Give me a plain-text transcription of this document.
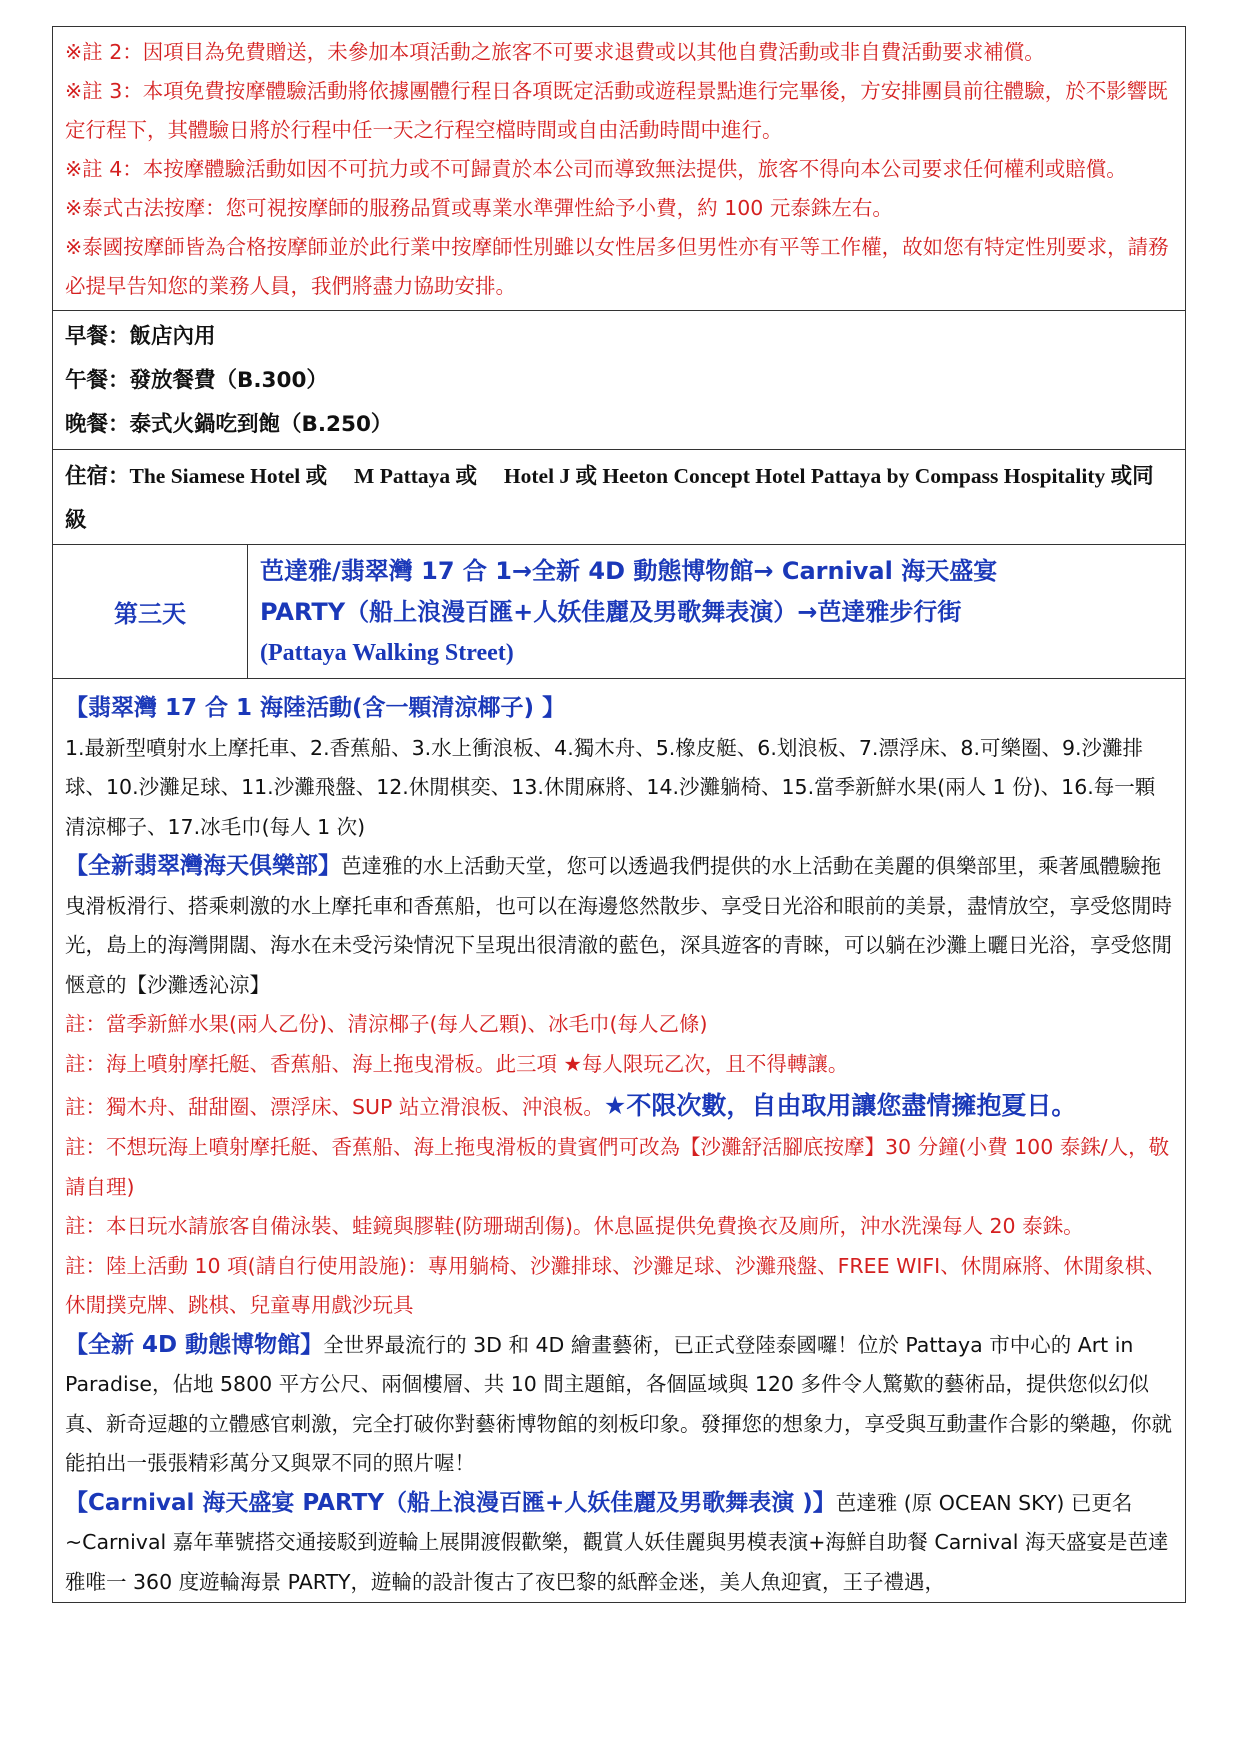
※註 2：因項目為免費贈送，未參加本項活動之旅客不可要求退費或以其他自費活動或非自費活動要求補償。

※註 3：本項免費按摩體驗活動將依據團體行程日各項既定活動或遊程景點進行完畢後，方安排團員前往體驗，於不影響既定行程下，其體驗日將於行程中任一天之行程空檔時間或自由活動時間中進行。

※註 4：本按摩體驗活動如因不可抗力或不可歸責於本公司而導致無法提供，旅客不得向本公司要求任何權利或賠償。

※泰式古法按摩：您可視按摩師的服務品質或專業水準彈性給予小費，約 100 元泰銖左右。

※泰國按摩師皆為合格按摩師並於此行業中按摩師性別雖以女性居多但男性亦有平等工作權，故如您有特定性別要求，請務必提早告知您的業務人員，我們將盡力協助安排。

早餐：飯店內用

午餐：發放餐費（B.300）

晚餐：泰式火鍋吃到飽（B.250）

住宿：The Siamese Hotel 或　 M Pattaya 或　 Hotel J 或 Heeton Concept Hotel Pattaya by Compass Hospitality 或同級

第三天
芭達雅/翡翠灣 17 合 1→全新 4D 動態博物館→ Carnival 海天盛宴
PARTY（船上浪漫百匯+人妖佳麗及男歌舞表演）→芭達雅步行街
(Pattaya Walking Street)

【翡翠灣 17 合 1 海陸活動(含一顆清涼椰子) 】

1.最新型噴射水上摩托車、2.香蕉船、3.水上衝浪板、4.獨木舟、5.橡皮艇、6.划浪板、7.漂浮床、8.可樂圈、9.沙灘排球、10.沙灘足球、11.沙灘飛盤、12.休閒棋奕、13.休閒麻將、14.沙灘躺椅、15.當季新鮮水果(兩人 1 份)、16.每一顆清涼椰子、17.冰毛巾(每人 1 次)

【全新翡翠灣海天俱樂部】芭達雅的水上活動天堂，您可以透過我們提供的水上活動在美麗的俱樂部里，乘著風體驗拖曳滑板滑行、搭乘刺激的水上摩托車和香蕉船，也可以在海邊悠然散步、享受日光浴和眼前的美景，盡情放空，享受悠閒時光，島上的海灣開闊、海水在未受污染情況下呈現出很清澈的藍色，深具遊客的青睞，可以躺在沙灘上曬日光浴，享受悠閒愜意的【沙灘透沁涼】

註：當季新鮮水果(兩人乙份)、清涼椰子(每人乙顆)、冰毛巾(每人乙條)

註：海上噴射摩托艇、香蕉船、海上拖曳滑板。此三項 ★每人限玩乙次，且不得轉讓。

註：獨木舟、甜甜圈、漂浮床、SUP 站立滑浪板、沖浪板。★不限次數，自由取用讓您盡情擁抱夏日。

註：不想玩海上噴射摩托艇、香蕉船、海上拖曳滑板的貴賓們可改為【沙灘舒活腳底按摩】30 分鐘(小費 100 泰銖/人，敬請自理)

註：本日玩水請旅客自備泳裝、蛙鏡與膠鞋(防珊瑚刮傷)。休息區提供免費換衣及廁所，沖水洗澡每人 20 泰銖。

註：陸上活動 10 項(請自行使用設施)：專用躺椅、沙灘排球、沙灘足球、沙灘飛盤、FREE WIFI、休閒麻將、休閒象棋、休閒撲克牌、跳棋、兒童專用戲沙玩具

【全新 4D 動態博物館】全世界最流行的 3D 和 4D 繪畫藝術，已正式登陸泰國囉！位於 Pattaya 市中心的 Art in Paradise，佔地 5800 平方公尺、兩個樓層、共 10 間主題館，各個區域與 120 多件令人驚歎的藝術品，提供您似幻似真、新奇逗趣的立體感官刺激，完全打破你對藝術博物館的刻板印象。發揮您的想象力，享受與互動畫作合影的樂趣，你就能拍出一張張精彩萬分又與眾不同的照片喔！

【Carnival 海天盛宴 PARTY（船上浪漫百匯+人妖佳麗及男歌舞表演 )】芭達雅 (原 OCEAN SKY) 已更名~Carnival 嘉年華號搭交通接駁到遊輪上展開渡假歡樂，觀賞人妖佳麗與男模表演+海鮮自助餐 Carnival 海天盛宴是芭達雅唯一 360 度遊輪海景 PARTY，遊輪的設計復古了夜巴黎的紙醉金迷，美人魚迎賓，王子禮遇，
